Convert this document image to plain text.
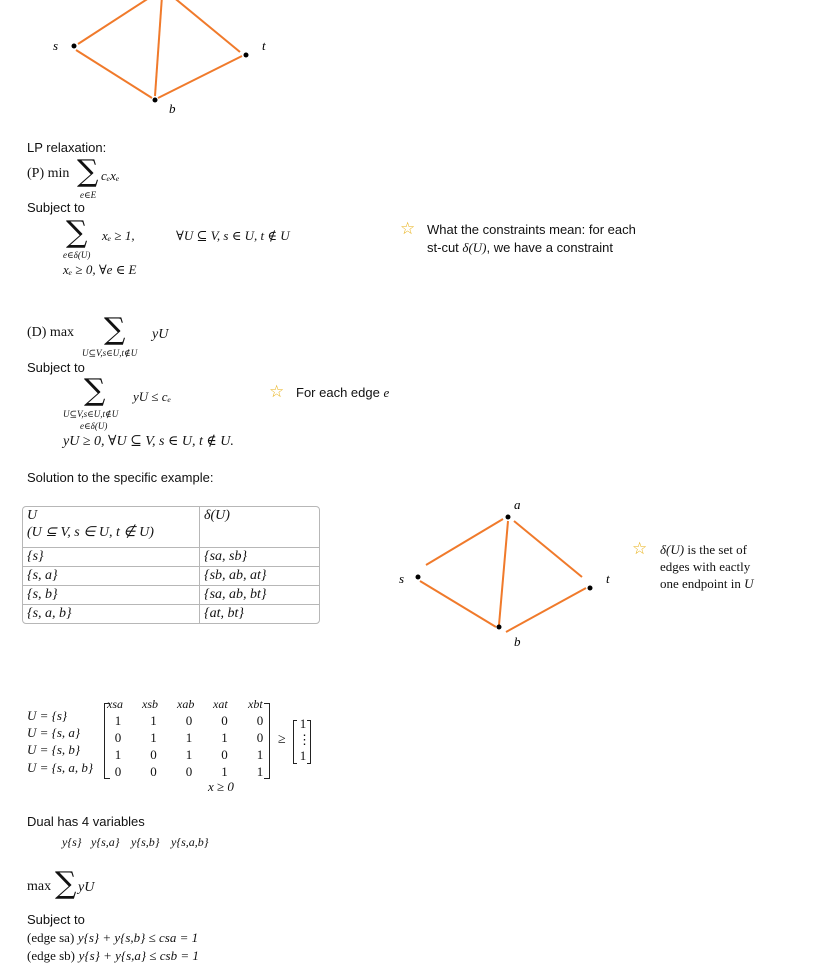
s	t
b
LP relaxation:
(P) min ∑
e∈E
cₑxₑ
Subject to
∑
e∈δ(U)
xₑ ≥ 1,	∀U ⊆ V, s ∈ U, t ∉ U
xₑ ≥ 0, ∀e ∈ E
☆ What the constraints mean: for each
st-cut δ(U), we have a constraint
(D) max ∑
U⊆V,s∈U,t∉U
yU
Subject to
∑
U⊆V,s∈U,t∉U
e∈δ(U)
yU ≤ cₑ
yU ≥ 0, ∀U ⊆ V, s ∈ U, t ∉ U.
☆ For each edge e
Solution to the specific example:
U
(U ⊆ V, s ∈ U, t ∉ U)	δ(U)
{s}	{sa, sb}
{s, a}	{sb, ab, at}
{s, b}	{sa, ab, bt}
{s, a, b}	{at, bt}
a
s	t
b
☆ δ(U) is the set of
edges with eactly
one endpoint in U
U = {s}
U = {s, a}
U = {s, b}
U = {s, a, b}
xsa xsb xab xat xbt
1	1	0	0	0
0	1	1	1	0
1	0	1	0	1
0	0	0	1	1
≥
1
⋮
1
x ≥ 0
Dual has 4 variables
y{s} y{s,a} y{s,b} y{s,a,b}
max ∑ yU
Subject to
(edge sa) y{s} + y{s,b} ≤ csa = 1
(edge sb) y{s} + y{s,a} ≤ csb = 1
